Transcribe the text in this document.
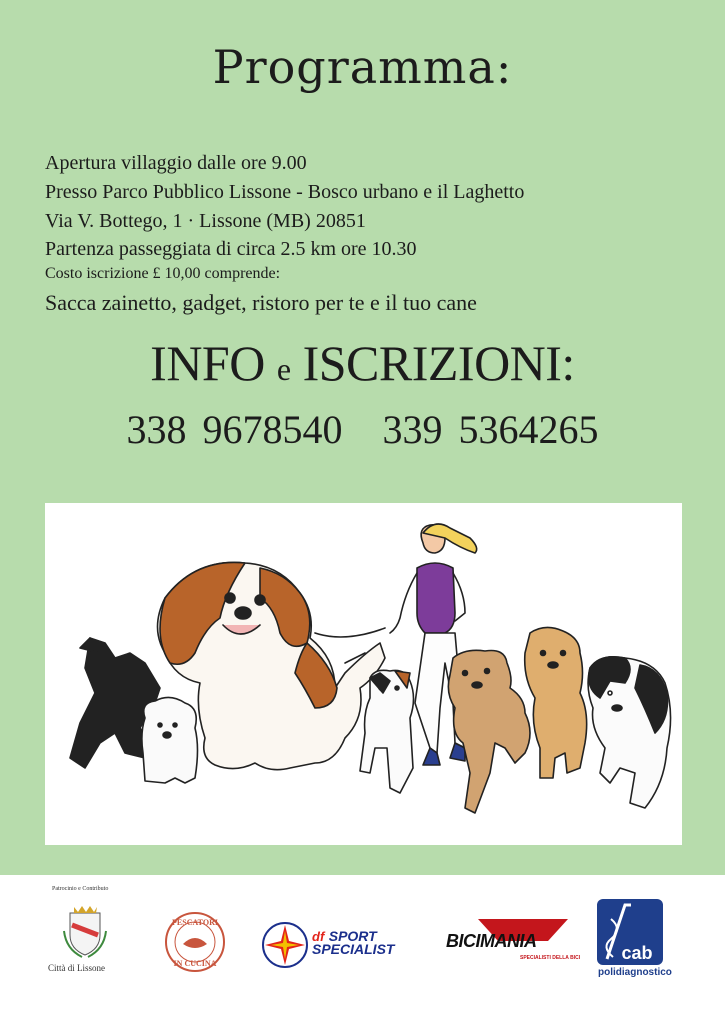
Programma:
Apertura villaggio dalle ore 9.00
Presso Parco Pubblico Lissone - Bosco urbano e il Laghetto
Via V. Bottego, 1 · Lissone (MB) 20851
Partenza passeggiata di circa 2.5 km ore 10.30
Costo iscrizione £ 10,00 comprende:
Sacca zainetto, gadget, ristoro per te e il tuo cane
INFO e ISCRIZIONI:
338 9678540 339 5364265
Patrocinio e Contributo
Città di Lissone
PESCATORI
IN CUCINA
df SPORT
SPECIALIST	BICIMANIA
SPECIALISTI DELLA BICI cab
polidiagnostico
